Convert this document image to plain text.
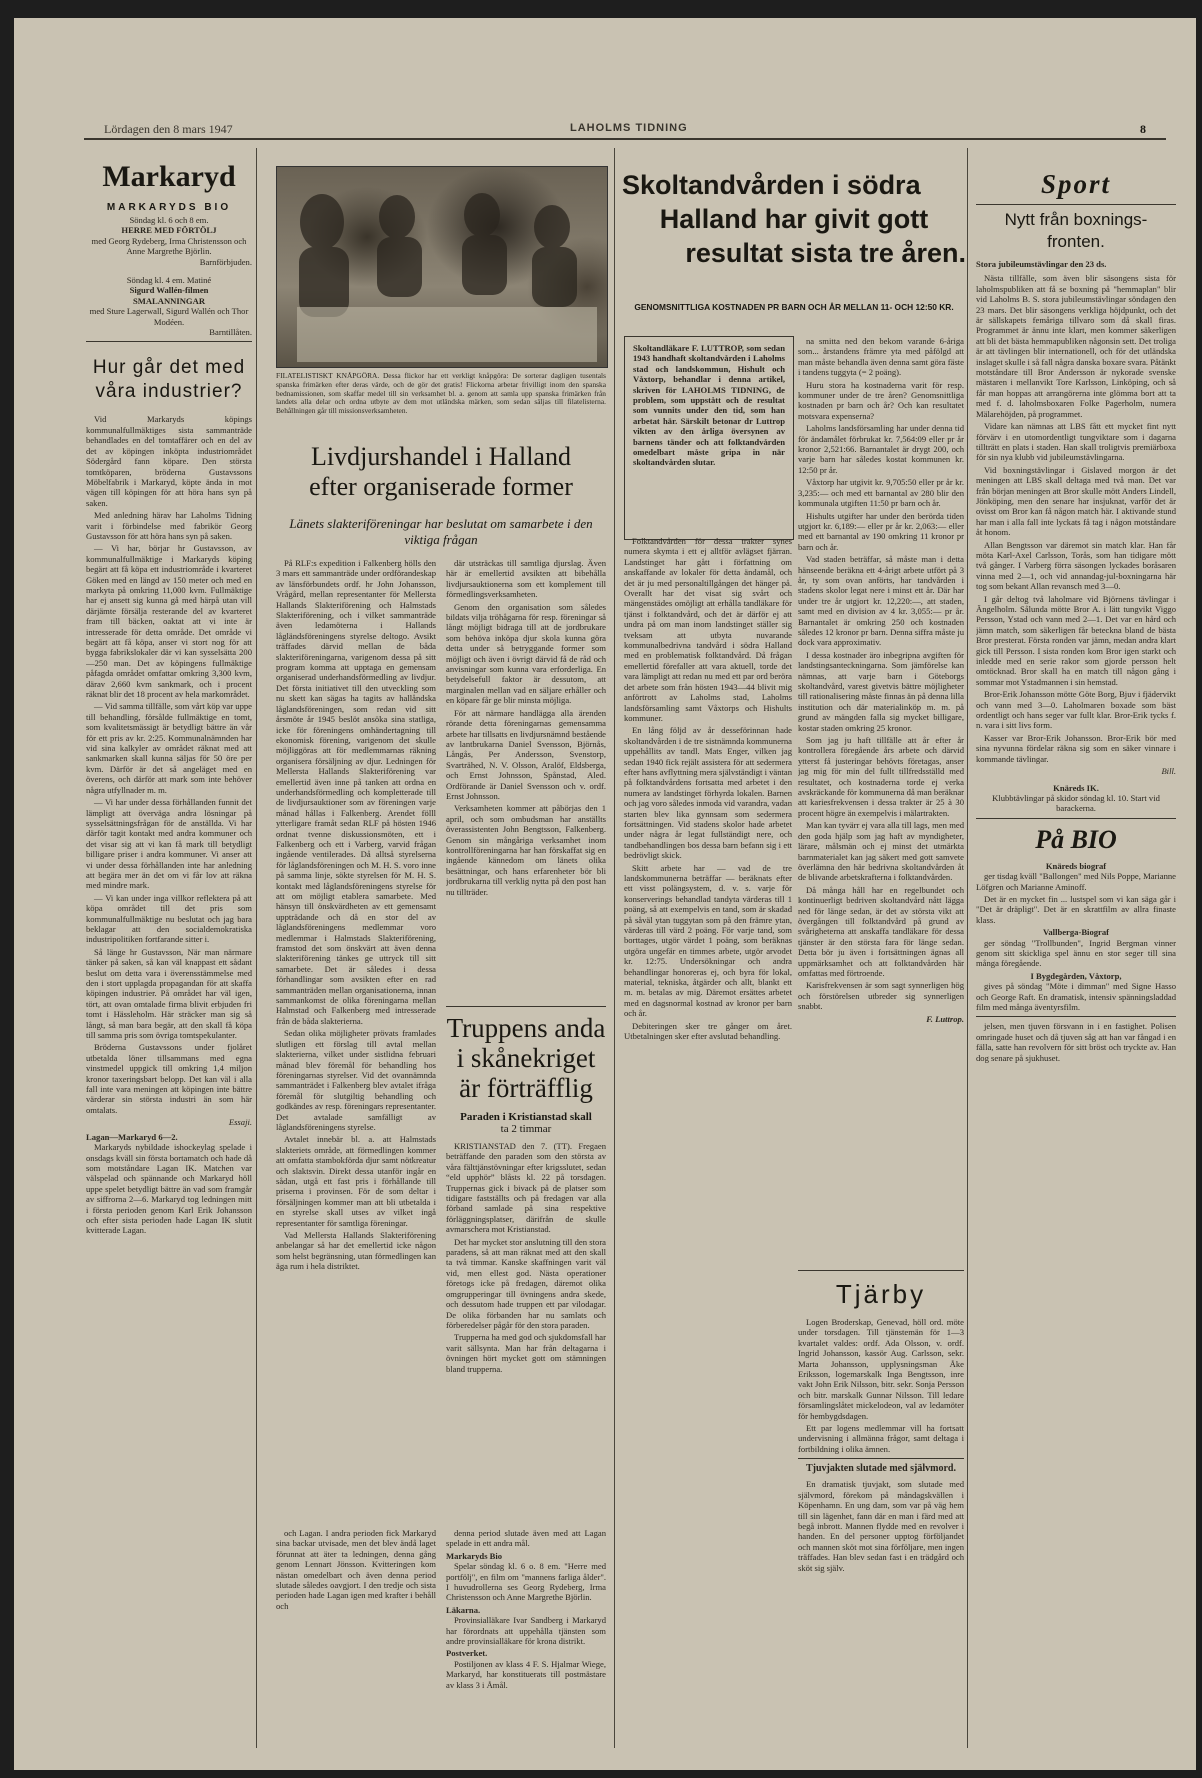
Lördagen den 8 mars 1947	LAHOLMS TIDNING	8
Markaryd
MARKARYDS BIO
Söndag kl. 6 och 8 em.
HERRE MED FÖRTÖLJ
med Georg Rydeberg, Irma Christensson och Anne Margrethe Björlin.
Barnförbjuden.
Söndag kl. 4 em. Matiné
Sigurd Wallén-filmen
SMALANNINGAR
med Sture Lagerwall, Sigurd Wallén och Thor Modéen.
Barntillåten.
Hur går det med våra industrier?

Vid Markaryds köpings kommunalfullmäktiges sista sammanträde behandlades en del tomtaffärer och en del av det av köpingen inköpta industriområdet Södergård fann köpare. Den största tomtköparen, bröderna Gustavssons Möbelfabrik i Markaryd, köpte ända in mot vägen till köpingen för att höra hans syn på saken.

Med anledning härav har Laholms Tidning varit i förbindelse med fabrikör Georg Gustavsson för att höra hans syn på saken.

— Vi har, börjar hr Gustavsson, av kommunalfullmäktige i Markaryds köping begärt att få köpa ett industriområde i kvarteret Göken med en längd av 150 meter och med en markyta på omkring 11,000 kvm. Fullmäktige har ej ansett sig kunna gå med härpå utan vill därjämte försälja resterande del av kvarteret fram till bäcken, oaktat att vi inte är intresserade för detta område. Det område vi begärt att få köpa, anser vi stort nog för att bygga fabrikslokaler där vi kan sysselsätta 200—250 man. Det av köpingens fullmäktige påfagda området omfattar omkring 3,300 kvm, därav 2,660 kvm sankmark, och i procent räknat blir det 18 procent av hela markområdet.

— Vid samma tillfälle, som vårt köp var uppe till behandling, försålde fullmäktige en tomt, som kvalitetsmässigt är betydligt bättre än vår för ett pris av kr. 2:25. Kommunalnämnden har vid sina kalkyler av området räknat med att sankmarken skall kunna säljas för 50 öre per kvm. Därför är det så angeläget med en överens, och därför att mark som inte behöver några utfyllnader m. m.

— Vi har under dessa förhållanden funnit det lämpligt att överväga andra lösningar på sysselsättningsfrågan för de anställda. Vi har därför tagit kontakt med andra kommuner och det visar sig att vi kan få mark till betydligt billigare priser i andra kommuner. Vi anser att vi under dessa förhållanden inte har anledning att begära mer än det om vi får lov att räkna med mindre mark.

— Vi kan under inga villkor reflektera på att köpa området till det pris som kommunalfullmäktige nu beslutat och jag bara beklagar att den socialdemokratiska industripolitiken fortfarande sitter i.

Så länge hr Gustavsson, När man närmare tänker på saken, så kan väl knappast ett sådant beslut om detta vara i överensstämmelse med den i stort upplagda propagandan för att skaffa köpingen industrier. På området har väl igen, tört, att ovan omtalade firma blivit erbjuden fri tomt i Hässleholm. Här sträcker man sig så långt, så man bara begär, att den skall få köpa till samma pris som övriga tomtspekulanter.

Bröderna Gustavssons under fjolåret utbetalda löner tillsammans med egna vinstmedel uppgick till omkring 1,4 miljon kronor taxeringsbart belopp. Det kan väl i alla fall inte vara meningen att köpingen inte bättre värderar sin största industri än som här omtalats.

Essaji.
Lagan—Markaryd 6—2.

Markaryds nybildade ishockeylag spelade i onsdags kväll sin första bortamatch och hade då som motståndare Lagan IK. Matchen var välspelad och spännande och Markaryd höll uppe spelet betydligt bättre än vad som framgår av siffrorna 2—6. Markaryd tog ledningen mitt i första perioden genom Karl Erik Johansson och efter sista perioden hade Lagan IK slutit kvitterade Lagan.

FILATELISTISKT KNÅPGÖRA. Dessa flickor har ett verkligt knåpgöra: De sorterar dagligen tusentals spanska frimärken efter deras värde, och de gör det gratis! Flickorna arbetar frivilligt inom den spanska bednamissionen, som skaffar medel till sin verksamhet bl. a. genom att samla upp spanska frimärken från landets alla delar och ordna utbyte av dem mot utländska märken, som sedan säljas till filatelisterna. Behållningen går till missionsverksamheten.
Livdjurshandel i Halland
efter organiserade former
Länets slakteriföreningar har beslutat om samarbete i den viktiga frågan

På RLF:s expedition i Falkenberg hölls den 3 mars ett sammanträde under ordförandeskap av länsförbundets ordf. hr John Johansson, Vrågård, mellan representanter för Mellersta Hallands Slakteriförening och Halmstads Slakteriförening, och i vilket sammanträde även ledamöterna i Hallands lågländsföreningens styrelse deltogo. Avsikt träffades därvid mellan de båda slakteriföreningarna, varigenom dessa på sitt program komma att upptaga en gemensam organiserad underhandsförmedling av livdjur. Det första initiativet till den utveckling som nu skett kan sägas ha tagits av hallåndska låglandsföreningen, som redan vid sitt årsmöte år 1945 beslöt ansöka sina statliga, icke för föreningens omhändertagning till ekonomisk förening, varigenom det skulle möjliggöras att för medlemmarnas räkning organisera försäljning av djur. Ledningen för Mellersta Hallands Slakteriförening var emellertid även inne på tanken att ordna en underhandsförmedling och kompletterade till de livdjursauktioner som av föreningen varje månad hållas i Falkenberg. Arendet fölll ytterligare framåt sedan RLF på hösten 1946 ordnat tvenne diskussionsmöten, ett i Falkenberg och ett i Varberg, varvid frågan ingående ventilerades. Då alltså styrelserna för låglandsföreningen och M. H. S. voro inne på samma linje, sökte styrelsen för M. H. S. kontakt med låglandsföreningens styrelse för att om möjligt etablera samarbete. Med hänsyn till önskvärdheten av ett gemensamt uppträdande och då en stor del av låglandsföreningens medlemmar voro medlemmar i Halmstads Slakteriförening, framstod det som önskvärt att även denna slakteriförening tänkes ge uttryck till sitt samarbete. Det är således i dessa förhandlingar som avsikten efter en rad sammanträden mellan organisationerna, innan sammankomst de olika föreningarna mellan Halmstad och Falkenberg med intresserade från de båda slakterierna.

Sedan olika möjligheter prövats framlades slutligen ett förslag till avtal mellan slakterierna, vilket under sistlidna februari månad blev föremål för behandling hos föreningarnas styrelser. Vid det ovannämnda sammanträdet i Falkenberg blev avtalet ifråga föremål för slutgiltig behandling och godkändes av resp. föreningars representanter. Det avtalade samfälligt av låglandsföreningens styrelse.

Avtalet innebär bl. a. att Halmstads slakteriets område, att förmedlingen kommer att omfatta stambokförda djur samt nötkreatur och slaktsvin. Direkt dessa utanför ingår en sådan, utgå ett fast pris i förhållande till priserna i provinsen. För de som deltar i försäljningen kommer man att bli utbetalda i en styrelse skall utses av vilket ingå representanter för samtliga föreningar.

Vad Mellersta Hallands Slakteriförening anbelangar så har det emellertid icke någon som helst begränsning, utan förmedlingen kan äga rum i hela distriktet.

där utsträckas till samtliga djurslag. Även här är emellertid avsikten att bibehålla livdjursauktionerna som ett komplement till förmedlingsverksamheten.

Genom den organisation som således bildats vilja tröhågarna för resp. föreningar så långt möjligt bidraga till att de jordbrukare som behöva inköpa djur skola kunna göra detta under så betryggande former som möjligt och även i övrigt därvid få de råd och anvisningar som kunna vara erforderliga. En betydelsefull faktor är dessutom, att marginalen mellan vad en säljare erhåller och en köpare får ge blir minsta möjliga.

För att närmare handlägga alla ärenden rörande detta föreningarnas gemensamma arbete har tillsatts en livdjursnämnd bestående av lantbrukarna Daniel Svensson, Björnås, Långås, Per Andersson, Svenstorp, Svarträhed, N. V. Olsson, Aralöf, Eldsberga, och Ernst Johnsson, Spånstad, Aled. Ordförande är Daniel Svensson och v. ordf. Ernst Johnsson.

Verksamheten kommer att påbörjas den 1 april, och som ombudsman har anställts överassistenten John Bengtsson, Falkenberg. Genom sin mångåriga verksamhet inom kontrollföreningarna har han förskaffat sig en ingående kännedom om länets olika besättningar, och hans erfarenheter bör bli jordbrukarna till verklig nytta på den post han nu tillträder.

och Lagan. I andra perioden fick Markaryd sina backar utvisade, men det blev ändå laget förunnat att äter ta ledningen, denna gång genom Lennart Jönsson. Kvitteringen kom nästan omedelbart och även denna period slutade således oavgjort. I den tredje och sista perioden hade Lagan igen med krafter i behåll och

Truppens anda
i skånekriget
är förträfflig
Paraden i Kristianstad skall
ta 2 timmar

KRISTIANSTAD den 7. (TT). Fregaen beträffande den paraden som den största av våra fälttjänstövningar efter krigsslutet, sedan “eld upphör” blåsts kl. 22 på torsdagen. Truppernas gick i bivack på de platser som tidigare fastställts och på fredagen var alla förband samlade på sina respektive förläggningsplatser, därifrån de skulle avmarschera mot Kristianstad.

Det har mycket stor anslutning till den stora paradens, så att man räknat med att den skall ta två timmar. Kanske skaffningen varit väl vid, men ellest god. Nästa operationer företogs icke på fredagen, däremot olika omgrupperingar till övningens andra skede, och dessutom hade truppen ett par vilodagar. De olika förbanden har nu samlats och förberedelser pågår för den stora paraden.

Trupperna ha med god och sjukdomsfall har varit sällsynta. Man har från deltagarna i övningen hört mycket gott om stämningen bland trupperna.

denna period slutade även med att Lagan spelade in ett andra mål.

Markaryds Bio

Spelar söndag kl. 6 o. 8 em. "Herre med portfölj", en film om "mannens farliga ålder". I huvudrollerna ses Georg Rydeberg, Irma Christensson och Anne Margrethe Björlin.

Läkarna.

Provinsialläkare Ivar Sandberg i Markaryd har förordnats att uppehålla tjänsten som andre provinsialläkare för krona distrikt.

Postverket.

Postiljonen av klass 4 F. S. Hjalmar Wiege, Markaryd, har konstituerats till postmästare av klass 3 i Åmål.

Skoltandvården i södra
Halland har givit gott
resultat sista tre åren.
GENOMSNITTLIGA KOSTNADEN PR BARN OCH ÅR MELLAN 11- OCH 12:50 KR.
Skoltandläkare F. LUTTROP, som sedan 1943 handhaft skoltandvården i Laholms stad och landskommun, Hishult och Våxtorp, behandlar i denna artikel, skriven för LAHOLMS TIDNING, de problem, som uppstått och de resultat som vunnits under den tid, som han arbetat här. Särskilt betonar dr Luttrop vikten av den årliga översynen av barnens tänder och att folktandvården omedelbart måste gripa in när skoltandvården slutar.

Folktandvården för dessa trakter synes numera skymta i ett ej alltför avlägset fjärran. Landstinget har gått i författning om anskaffande av lokaler för detta ändamål, och det är ju med personaltillgången det hänger på. Overallt har det visat sig svårt och mängenstädes omöjligt att erhålla tandläkare för tjänst i folktandvård, och det är därför ej att undra på om man inom landstinget ställer sig tveksam att utbyta nuvarande kommunalbedrivna tandvård i södra Halland med en problematisk folktandvård. Då frågan emellertid förefaller att vara aktuell, torde det vara lämpligt att redan nu med ett par ord beröra det arbete som från hösten 1943—44 blivit mig anförtrott av Laholms stad, Laholms landsförsamling samt Våxtorps och Hishults kommuner.

En lång följd av år desseförinnan hade skoltandvården i de tre sistnämnda kommunerna uppehållits av tandl. Mats Enger, vilken jag sedan 1940 fick rejält assistera för att sedermera efter hans avflyttning mera självständigt i väntan på folktandvårdens fortsatta med arbetet i den numera av landstinget förhyrda lokalen. Barnen och jag voro således inmoda vid varandra, vadan starten blev lika gynnsam som sedermera fortsättningen. Vid stadens skolor hade arbetet under några år legat fullständigt nere, och tandbehandlingen bos dessa barn befann sig i ett bedrövligt skick.

Skitt arbete har — vad de tre landskommunerna beträffar — beräknats efter ett visst polängsystem, d. v. s. varje för konserverings behandlad tandyta värderas till 1 poäng, så att exempelvis en tand, som är skadad på såväl ytan tuggytan som på den främre ytan, värderas till värd 2 poäng. För varje tand, som borttages, utgör värdet 1 poäng, som beräknas utgöra ungefär en timmes arbete, utgör arvodet kr. 12:75. Undersökningar och andra behandlingar honoreras ej, och byra för lokal, material, tekniska, åtgärder och allt, blankt ett m. m. betalas av mig. Däremot ersättes arbetet med en dagsnormal kostnad av kronor per barn och år.

Debiteringen sker tre gånger om året. Utbetalningen sker efter avslutad behandling.

na smitta ned den bekom varande 6-åriga som... årstandens främre yta med påfölgd att man måste behandla även denna samt göra fäste i tandens tuggyta (= 2 poäng).

Huru stora ha kostnaderna varit för resp. kommuner under de tre åren? Genomsnittliga kostnaden pr barn och år? Och kan resultatet motsvara expenserna?

Laholms landsförsamling har under denna tid för ändamålet förbrukat kr. 7,564:09 eller pr år kronor 2,521:66. Barnantalet är drygt 200, och varje barn har således kostat kommunen kr. 12:50 pr år.

Våxtorp har utgivit kr. 9,705:50 eller pr år kr. 3,235:— och med ett barnantal av 280 blir den kommunala utgiften 11:50 pr barn och år.

Hishults utgifter har under den berörda tiden utgjort kr. 6,189:— eller pr år kr. 2,063:— eller med ett barnantal av 190 omkring 11 kronor pr barn och år.

Vad staden beträffar, så måste man i detta hänseende beräkna ett 4-årigt arbete utfört på 3 år, ty som ovan anförts, har tandvården i stadens skolor legat nere i minst ett år. Där har under tre år utgjort kr. 12,220:—, att staden, samt med en division av 4 kr. 3,055:— pr år. Barnantalet är omkring 250 och kostnaden således 12 kronor pr barn. Denna siffra måste ju dock vara approximativ.

I dessa kostnader äro inbegripna avgiften för landstingsanteckningarna. Som jämförelse kan nämnas, att varje barn i Göteborgs skoltandvård, varest givetvis bättre möjligheter till rationalisering måste finnas än på denna lilla institution och där materialinköp m. m. på grund av mängden falla sig mycket billigare, kostar staden omkring 25 kronor.

Som jag ju haft tillfälle att år efter år kontrollera föregående års arbete och därvid ytterst få justeringar behövts företagas, anser jag mig för min del fullt tillfredsställd med resultatet, och kostnaderna torde ej verka avskräckande för kommunerna då man beräknar att kariesfrekvensen i dessa trakter är 25 à 30 procent högre än exempelvis i mälartrakten.

Man kan tyvärr ej vara alla till lags, men med den goda hjälp som jag haft av myndigheter, lärare, målsmän och ej minst det utmärkta barnmaterialet kan jag säkert med gott samvete överlämna den här bedrivna skoltandvården åt de blivande arbetskrafterna i folktandvården.

Då många håll har en regelbundet och kontinuerligt bedriven skoltandvård nått lägga ned för länge sedan, är det av största vikt att övergången till folktandvård på grund av svårigheterna att anskaffa tandläkare för dessa tjänster är den största fara för länge sedan. Detta bör ju även i fortsättningen ägnas all uppmärksamhet och att folktandvården här omfattas med förtroende.

Karisfrekvensen är som sagt synnerligen hög och förstörelsen utbreder sig synnerligen snabbt.

F. Luttrop.
Tjärby

Logen Broderskap, Genevad, höll ord. möte under torsdagen. Till tjänstemän för 1—3 kvartalet valdes: ordf. Ada Olsson, v. ordf. Ingrid Johansson, kassör Aug. Carlsson, sekr. Marta Johansson, upplysningsman Åke Eriksson, logemarskalk Inga Bengtsson, inre vakt John Erik Nilsson, bitr. sekr. Sonja Persson och bitr. marskalk Gunnar Nilsson. Till ledare församlingslåtet mickelodeon, val av ledamöter för hembygdsdagen.

Ett par logens medlemmar vill ha fortsatt undervisning i allmänna frågor, samt deltaga i fortbildning i olika ämnen.

Tjuvjakten slutade med självmord.

En dramatisk tjuvjakt, som slutade med självmord, förekom på måndagskvällen i Köpenhamn. En ung dam, som var på väg hem till sin lägenhet, fann där en man i färd med att begå inbrott. Mannen flydde med en revolver i handen. En del personer upptog förföljandet och mannen sköt mot sina förföljare, men ingen träffades. Han blev sedan fast i en trädgård och sköt sig själv.

Sport
Nytt från boxnings-
fronten.
Stora jubileumstävlingar den 23 ds.

Nästa tillfälle, som även blir säsongens sista för laholmspubliken att få se boxning på "hemmaplan" blir vid Laholms B. S. stora jubileumstävlingar söndagen den 23 mars. Det blir säsongens verkliga höjdpunkt, och det är sällskapets femåriga tillvaro som då skall firas. Programmet är ännu inte klart, men kommer säkerligen att bli det bästa hemmapubliken någonsin sett. Det troliga är att tävlingen blir internationell, och för det utländska inslaget skulle i så fall några danska boxare svara. Påtänkt motståndare till Bror Andersson är nykorade svenske mästaren i mellanvikt Tore Karlsson, Linköping, och så får man hoppas att arrangörerna inte glömma bort att ta med f. d. laholmsboxaren Folke Pagerholm, numera Mälarehöjden, på programmet.

Vidare kan nämnas att LBS fått ett mycket fint nytt förvärv i en utomordentligt tungviktare som i dagarna tillträtt en plats i staden. Han skall troligtvis premiärboxa för sin nya klubb vid jubileumstävlingarna.

Vid boxningstävlingar i Gislaved morgon är det meningen att LBS skall deltaga med två man. Det var från början meningen att Bror skulle mött Anders Lindell, Jönköping, men den senare har insjuknat, varför det är ovisst om Bror kan få någon match här. I aktivande stund har man i alla fall inte lyckats få tag i någon motståndare åt honom.

Allan Bengtsson var däremot sin match klar. Han får möta Karl-Axel Carlsson, Torås, som han tidigare mött två gånger. I Varberg förra säsongen lyckades boråsaren vinna med 2—1, och vid annandag-jul-boxningarna här tog som bekant Allan revansch med 3—0.

I går deltog två laholmare vid Björnens tävlingar i Ängelholm. Sålunda mötte Bror A. i lätt tungvikt Viggo Persson, Ystad och vann med 2—1. Det var en hård och jämn match, som säkerligen får beteckna bland de bästa Bror presterat. Första ronden var jämn, medan andra klart gick till Persson. I sista ronden kom Bror igen starkt och inledde med en serie rakor som gjorde persson helt omtöcknad. Bror skall ha en match till någon gång i sommar mot Ystadmannen i sin hemstad.

Bror-Erik Johansson mötte Göte Borg, Bjuv i fjädervikt och vann med 3—0. Laholmaren boxade som bäst ordentligt och hans seger var fullt klar. Bror-Erik tycks f. n. vara i sitt livs form.

Kasser var Bror-Erik Johansson. Bror-Erik bör med sina nyvunna fördelar räkna sig som en säker vinnare i kommande tävlingar.

Bill.
Knäreds IK.
Klubbtävlingar på skidor söndag kl. 10. Start vid barackerna.
På BIO
Knäreds biograf

ger tisdag kväll "Ballongen" med Nils Poppe, Marianne Löfgren och Marianne Aminoff.

Det är en mycket fin ... lustspel som vi kan säga går i "Det är dräpligt". Det är en skrattfilm av allra finaste klass.

Vallberga-Biograf

ger söndag "Trollbunden", Ingrid Bergman vinner genom sitt skickliga spel ännu en stor seger till sina många föregående.

I Bygdegården, Våxtorp,

gives på söndag "Möte i dimman" med Signe Hasso och George Raft. En dramatisk, intensiv spänningsladdad film med många äventyrsfilm.

jelsen, men tjuven försvann in i en fastighet. Polisen omringade huset och då tjuven såg att han var fångad i en fälla, satte han revolvern för sitt bröst och tryckte av. Han dog senare på sjukhuset.
